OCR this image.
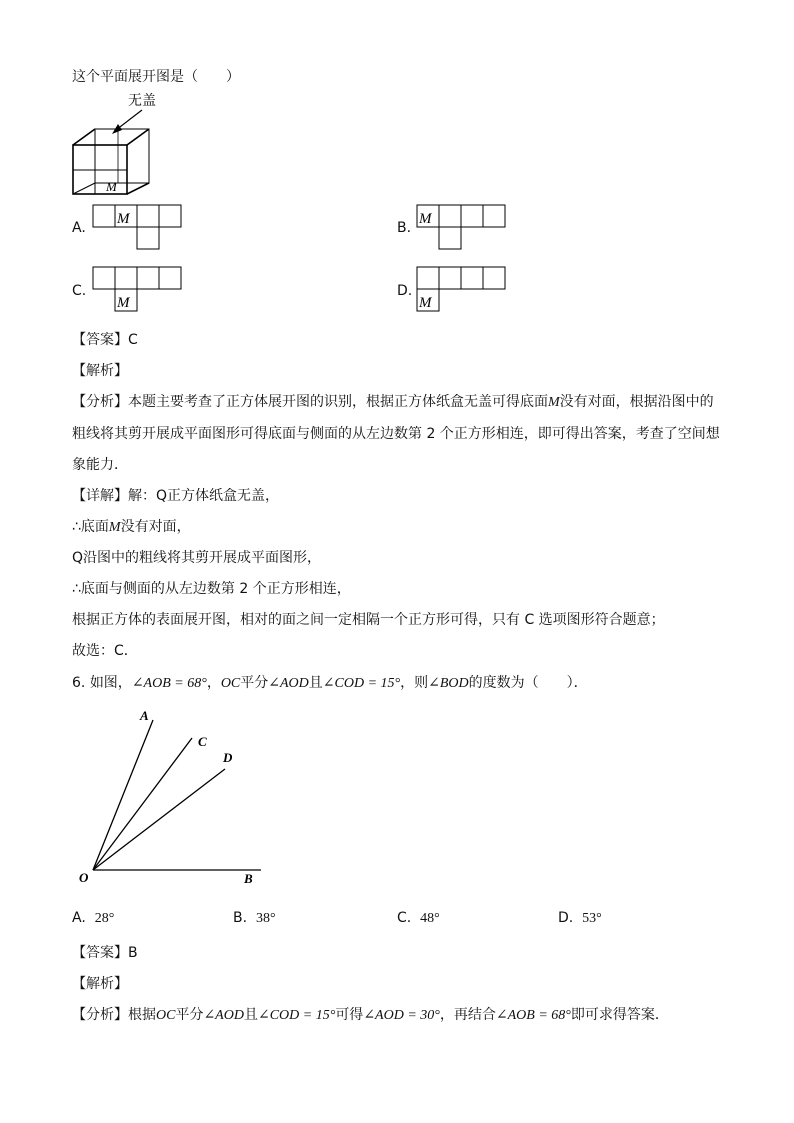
这个平面展开图是（　　）
无盖
M
A.
M
B.
M
C.
M
D.
M
【答案】C
【解析】
【分析】本题主要考查了正方体展开图的识别，根据正方体纸盒无盖可得底面M没有对面，根据沿图中的
粗线将其剪开展成平面图形可得底面与侧面的从左边数第 2 个正方形相连，即可得出答案，考查了空间想
象能力．
【详解】解：Q正方体纸盒无盖，
∴底面M没有对面，
Q沿图中的粗线将其剪开展成平面图形，
∴底面与侧面的从左边数第 2 个正方形相连，
根据正方体的表面展开图，相对的面之间一定相隔一个正方形可得，只有 C 选项图形符合题意；
故选：C．
6. 如图，∠AOB = 68°，OC平分∠AOD且∠COD = 15°，则∠BOD的度数为（　　）．
A
C
D
O	B
A. 28°	B. 38°	C. 48°	D. 53°
【答案】B
【解析】
【分析】根据OC平分∠AOD且∠COD = 15°可得∠AOD = 30°，再结合∠AOB = 68°即可求得答案．
